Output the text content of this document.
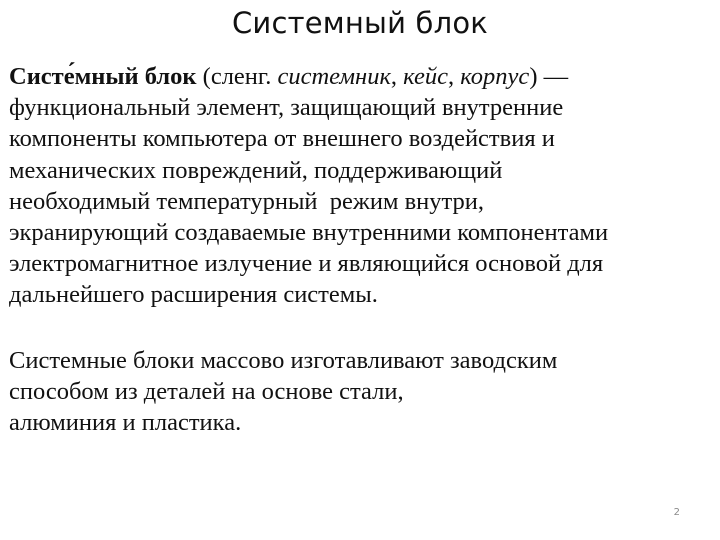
Системный блок

Систе́мный блок (сленг. системник, кейс, корпус) —
функциональный элемент, защищающий внутренние
компоненты компьютера от внешнего воздействия и
механических повреждений, поддерживающий
необходимый температурный  режим внутри,
экранирующий создаваемые внутренними компонентами
электромагнитное излучение и являющийся основой для
дальнейшего расширения системы.

Системные блоки массово изготавливают заводским
способом из деталей на основе стали,
алюминия и пластика.

2
